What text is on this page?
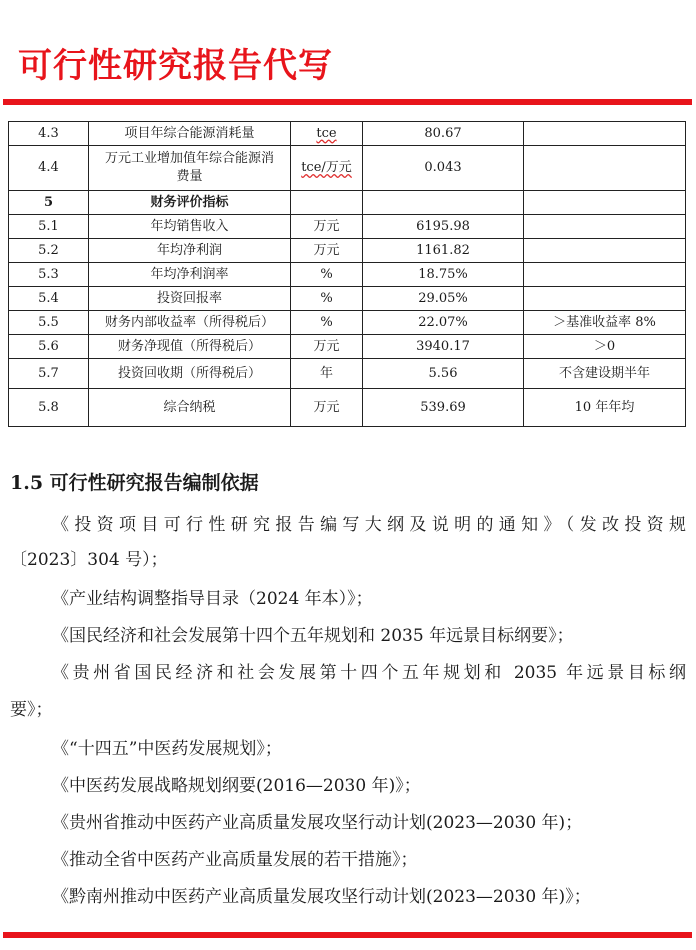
可行性研究报告代写
4.3	项目年综合能源消耗量	tce	80.67	
4.4	万元工业增加值年综合能源消费量	tce/万元	0.043	
5	财务评价指标			
5.1	年均销售收入	万元	6195.98	
5.2	年均净利润	万元	1161.82	
5.3	年均净利润率	%	18.75%	
5.4	投资回报率	%	29.05%	
5.5	财务内部收益率（所得税后）	%	22.07%	＞基准收益率 8%
5.6	财务净现值（所得税后）	万元	3940.17	＞0
5.7	投资回收期（所得税后）	年	5.56	不含建设期半年
5.8	综合纳税	万元	539.69	10 年年均
1.5 可行性研究报告编制依据
《投资项目可行性研究报告编写大纲及说明的通知》（发改投资规
〔2023〕304 号）；
《产业结构调整指导目录（2024 年本）》；
《国民经济和社会发展第十四个五年规划和 2035 年远景目标纲要》；
《贵州省国民经济和社会发展第十四个五年规划和 2035 年远景目标纲
要》；
《“十四五”中医药发展规划》；
《中医药发展战略规划纲要(2016—2030 年)》；
《贵州省推动中医药产业高质量发展攻坚行动计划(2023—2030 年)；
《推动全省中医药产业高质量发展的若干措施》；
《黔南州推动中医药产业高质量发展攻坚行动计划(2023—2030 年)》；
